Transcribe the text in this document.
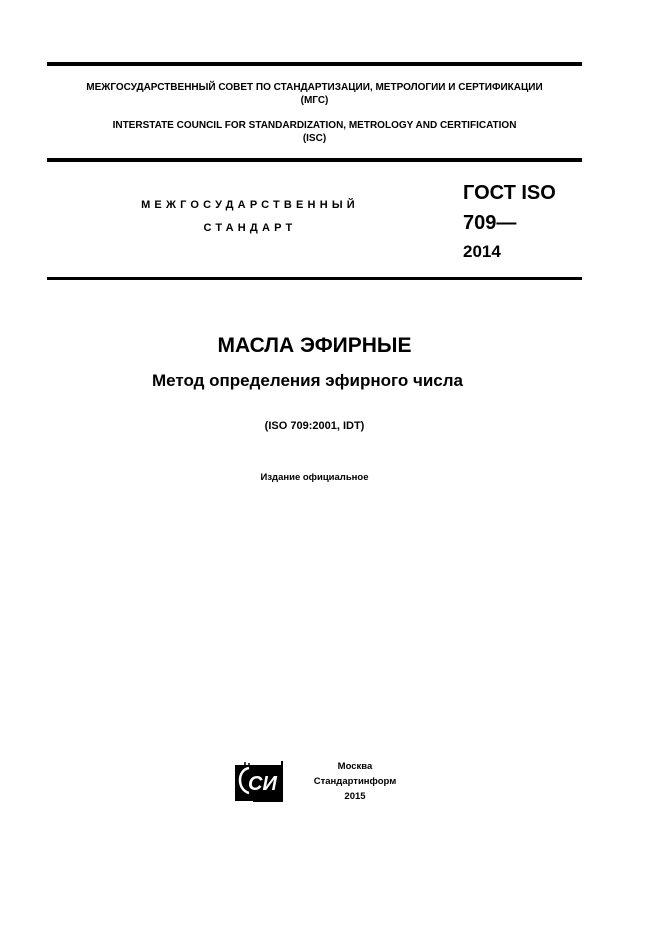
МЕЖГОСУДАРСТВЕННЫЙ СОВЕТ ПО СТАНДАРТИЗАЦИИ, МЕТРОЛОГИИ И СЕРТИФИКАЦИИ
(МГС)
INTERSTATE COUNCIL FOR STANDARDIZATION, METROLOGY AND CERTIFICATION
(ISC)
МЕЖГОСУДАРСТВЕННЫЙ
СТАНДАРТ
ГОСТ ISO
709—
2014
МАСЛА ЭФИРНЫЕ
Метод определения эфирного числа
(ISO 709:2001, IDT)
Издание официальное
СИ
Москва
Стандартинформ
2015
